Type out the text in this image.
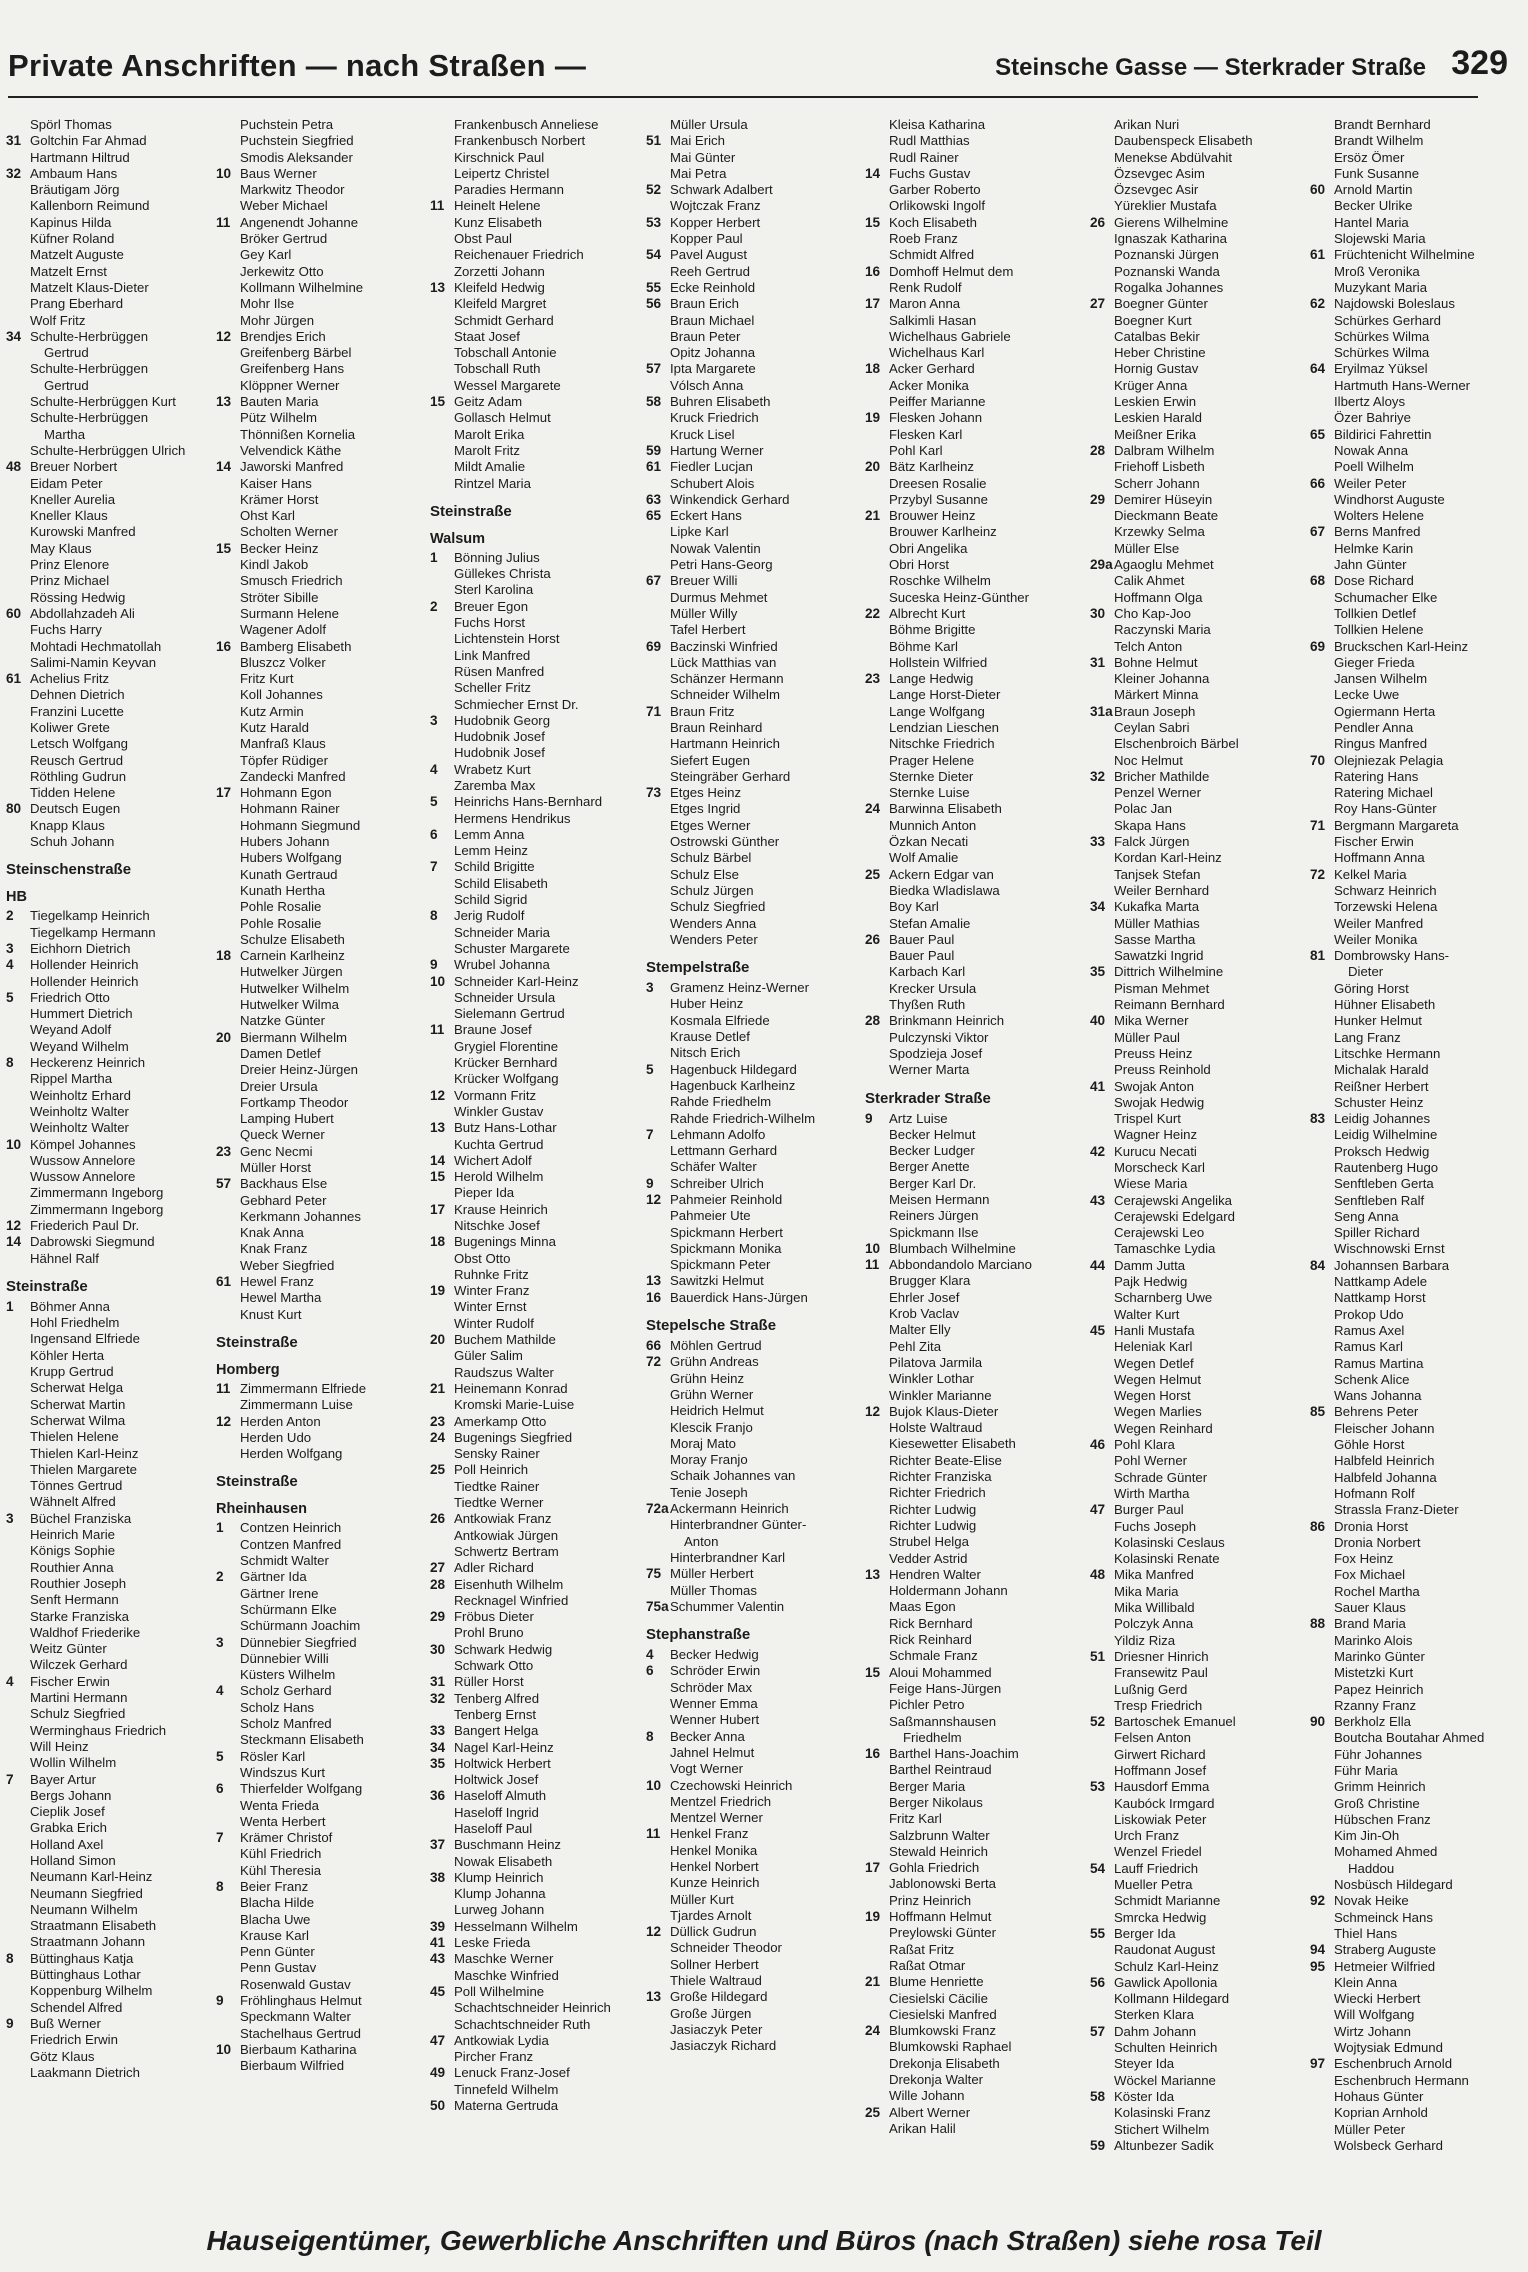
Private Anschriften — nach Straßen —	Steinsche Gasse — Sterkrader Straße 329
Spörl Thomas
31 Goltchin Far Ahmad
Hartmann Hiltrud
32 Ambaum Hans
Bräutigam Jörg
Kallenborn Reimund
Kapinus Hilda
Küfner Roland
Matzelt Auguste
Matzelt Ernst
Matzelt Klaus-Dieter
Prang Eberhard
Wolf Fritz
34 Schulte-Herbrüggen
Gertrud
Schulte-Herbrüggen
Gertrud
Schulte-Herbrüggen Kurt
Schulte-Herbrüggen
Martha
Schulte-Herbrüggen Ulrich
48 Breuer Norbert
Eidam Peter
Kneller Aurelia
Kneller Klaus
Kurowski Manfred
May Klaus
Prinz Elenore
Prinz Michael
Rössing Hedwig
60 Abdollahzadeh Ali
Fuchs Harry
Mohtadi Hechmatollah
Salimi-Namin Keyvan
61 Achelius Fritz
Dehnen Dietrich
Franzini Lucette
Koliwer Grete
Letsch Wolfgang
Reusch Gertrud
Röthling Gudrun
Tidden Helene
80 Deutsch Eugen
Knapp Klaus
Schuh Johann
Steinschenstraße
HB
2	Tiegelkamp Heinrich
Tiegelkamp Hermann
3	Eichhorn Dietrich
4	Hollender Heinrich
Hollender Heinrich
5	Friedrich Otto
Hummert Dietrich
Weyand Adolf
Weyand Wilhelm
8	Heckerenz Heinrich
Rippel Martha
Weinholtz Erhard
Weinholtz Walter
Weinholtz Walter
10 Kömpel Johannes
Wussow Annelore
Wussow Annelore
Zimmermann Ingeborg
Zimmermann Ingeborg
12 Friederich Paul Dr.
14 Dabrowski Siegmund
Hähnel Ralf
Steinstraße
1	Böhmer Anna
Hohl Friedhelm
Ingensand Elfriede
Köhler Herta
Krupp Gertrud
Scherwat Helga
Scherwat Martin
Scherwat Wilma
Thielen Helene
Thielen Karl-Heinz
Thielen Margarete
Tönnes Gertrud
Wähnelt Alfred
3	Büchel Franziska
Heinrich Marie
Königs Sophie
Routhier Anna
Routhier Joseph
Senft Hermann
Starke Franziska
Waldhof Friederike
Weitz Günter
Wilczek Gerhard
4	Fischer Erwin
Martini Hermann
Schulz Siegfried
Werminghaus Friedrich
Will Heinz
Wollin Wilhelm
7	Bayer Artur
Bergs Johann
Cieplik Josef
Grabka Erich
Holland Axel
Holland Simon
Neumann Karl-Heinz
Neumann Siegfried
Neumann Wilhelm
Straatmann Elisabeth
Straatmann Johann
8	Büttinghaus Katja
Büttinghaus Lothar
Koppenburg Wilhelm
Schendel Alfred
9	Buß Werner
Friedrich Erwin
Götz Klaus
Laakmann Dietrich
Puchstein Petra
Puchstein Siegfried
Smodis Aleksander
10 Baus Werner
Markwitz Theodor
Weber Michael
11 Angenendt Johanne
Bröker Gertrud
Gey Karl
Jerkewitz Otto
Kollmann Wilhelmine
Mohr Ilse
Mohr Jürgen
12 Brendjes Erich
Greifenberg Bärbel
Greifenberg Hans
Klöppner Werner
13 Bauten Maria
Pütz Wilhelm
Thönnißen Kornelia
Velvendick Käthe
14 Jaworski Manfred
Kaiser Hans
Krämer Horst
Ohst Karl
Scholten Werner
15 Becker Heinz
Kindl Jakob
Smusch Friedrich
Ströter Sibille
Surmann Helene
Wagener Adolf
16 Bamberg Elisabeth
Bluszcz Volker
Fritz Kurt
Koll Johannes
Kutz Armin
Kutz Harald
Manfraß Klaus
Töpfer Rüdiger
Zandecki Manfred
17 Hohmann Egon
Hohmann Rainer
Hohmann Siegmund
Hubers Johann
Hubers Wolfgang
Kunath Gertraud
Kunath Hertha
Pohle Rosalie
Pohle Rosalie
Schulze Elisabeth
18 Carnein Karlheinz
Hutwelker Jürgen
Hutwelker Wilhelm
Hutwelker Wilma
Natzke Günter
20 Biermann Wilhelm
Damen Detlef
Dreier Heinz-Jürgen
Dreier Ursula
Fortkamp Theodor
Lamping Hubert
Queck Werner
23 Genc Necmi
Müller Horst
57 Backhaus Else
Gebhard Peter
Kerkmann Johannes
Knak Anna
Knak Franz
Weber Siegfried
61 Hewel Franz
Hewel Martha
Knust Kurt
Steinstraße
Homberg
11 Zimmermann Elfriede
Zimmermann Luise
12 Herden Anton
Herden Udo
Herden Wolfgang
Steinstraße
Rheinhausen
1	Contzen Heinrich
Contzen Manfred
Schmidt Walter
2	Gärtner Ida
Gärtner Irene
Schürmann Elke
Schürmann Joachim
3	Dünnebier Siegfried
Dünnebier Willi
Küsters Wilhelm
4	Scholz Gerhard
Scholz Hans
Scholz Manfred
Steckmann Elisabeth
5	Rösler Karl
Windszus Kurt
6	Thierfelder Wolfgang
Wenta Frieda
Wenta Herbert
7	Krämer Christof
Kühl Friedrich
Kühl Theresia
8	Beier Franz
Blacha Hilde
Blacha Uwe
Krause Karl
Penn Günter
Penn Gustav
Rosenwald Gustav
9	Fröhlinghaus Helmut
Speckmann Walter
Stachelhaus Gertrud
10 Bierbaum Katharina
Bierbaum Wilfried
Frankenbusch Anneliese
Frankenbusch Norbert
Kirschnick Paul
Leipertz Christel
Paradies Hermann
11 Heinelt Helene
Kunz Elisabeth
Obst Paul
Reichenauer Friedrich
Zorzetti Johann
13 Kleifeld Hedwig
Kleifeld Margret
Schmidt Gerhard
Staat Josef
Tobschall Antonie
Tobschall Ruth
Wessel Margarete
15 Geitz Adam
Gollasch Helmut
Marolt Erika
Marolt Fritz
Mildt Amalie
Rintzel Maria
Steinstraße
Walsum
1	Bönning Julius
Güllekes Christa
Sterl Karolina
2	Breuer Egon
Fuchs Horst
Lichtenstein Horst
Link Manfred
Rüsen Manfred
Scheller Fritz
Schmiecher Ernst Dr.
3	Hudobnik Georg
Hudobnik Josef
Hudobnik Josef
4	Wrabetz Kurt
Zaremba Max
5	Heinrichs Hans-Bernhard
Hermens Hendrikus
6	Lemm Anna
Lemm Heinz
7	Schild Brigitte
Schild Elisabeth
Schild Sigrid
8	Jerig Rudolf
Schneider Maria
Schuster Margarete
9	Wrubel Johanna
10 Schneider Karl-Heinz
Schneider Ursula
Sielemann Gertrud
11 Braune Josef
Grygiel Florentine
Krücker Bernhard
Krücker Wolfgang
12 Vormann Fritz
Winkler Gustav
13 Butz Hans-Lothar
Kuchta Gertrud
14 Wichert Adolf
15 Herold Wilhelm
Pieper Ida
17 Krause Heinrich
Nitschke Josef
18 Bugenings Minna
Obst Otto
Ruhnke Fritz
19 Winter Franz
Winter Ernst
Winter Rudolf
20 Buchem Mathilde
Güler Salim
Raudszus Walter
21 Heinemann Konrad
Kromski Marie-Luise
23 Amerkamp Otto
24 Bugenings Siegfried
Sensky Rainer
25 Poll Heinrich
Tiedtke Rainer
Tiedtke Werner
26 Antkowiak Franz
Antkowiak Jürgen
Schwertz Bertram
27 Adler Richard
28 Eisenhuth Wilhelm
Recknagel Winfried
29 Fröbus Dieter
Prohl Bruno
30 Schwark Hedwig
Schwark Otto
31 Rüller Horst
32 Tenberg Alfred
Tenberg Ernst
33 Bangert Helga
34 Nagel Karl-Heinz
35 Holtwick Herbert
Holtwick Josef
36 Haseloff Almuth
Haseloff Ingrid
Haseloff Paul
37 Buschmann Heinz
Nowak Elisabeth
38 Klump Heinrich
Klump Johanna
Lurweg Johann
39 Hesselmann Wilhelm
41 Leske Frieda
43 Maschke Werner
Maschke Winfried
45 Poll Wilhelmine
Schachtschneider Heinrich
Schachtschneider Ruth
47 Antkowiak Lydia
Pircher Franz
49 Lenuck Franz-Josef
Tinnefeld Wilhelm
50 Materna Gertruda
Müller Ursula
51 Mai Erich
Mai Günter
Mai Petra
52 Schwark Adalbert
Wojtczak Franz
53 Kopper Herbert
Kopper Paul
54 Pavel August
Reeh Gertrud
55 Ecke Reinhold
56 Braun Erich
Braun Michael
Braun Peter
Opitz Johanna
57 Ipta Margarete
Vólsch Anna
58 Buhren Elisabeth
Kruck Friedrich
Kruck Lisel
59 Hartung Werner
61 Fiedler Lucjan
Schubert Alois
63 Winkendick Gerhard
65 Eckert Hans
Lipke Karl
Nowak Valentin
Petri Hans-Georg
67 Breuer Willi
Durmus Mehmet
Müller Willy
Tafel Herbert
69 Baczinski Winfried
Lück Matthias van
Schänzer Hermann
Schneider Wilhelm
71 Braun Fritz
Braun Reinhard
Hartmann Heinrich
Siefert Eugen
Steingräber Gerhard
73 Etges Heinz
Etges Ingrid
Etges Werner
Ostrowski Günther
Schulz Bärbel
Schulz Else
Schulz Jürgen
Schulz Siegfried
Wenders Anna
Wenders Peter
Stempelstraße
3	Gramenz Heinz-Werner
Huber Heinz
Kosmala Elfriede
Krause Detlef
Nitsch Erich
5	Hagenbuck Hildegard
Hagenbuck Karlheinz
Rahde Friedhelm
Rahde Friedrich-Wilhelm
7	Lehmann Adolfo
Lettmann Gerhard
Schäfer Walter
9	Schreiber Ulrich
12 Pahmeier Reinhold
Pahmeier Ute
Spickmann Herbert
Spickmann Monika
Spickmann Peter
13 Sawitzki Helmut
16 Bauerdick Hans-Jürgen
Stepelsche Straße
66 Möhlen Gertrud
72 Grühn Andreas
Grühn Heinz
Grühn Werner
Heidrich Helmut
Klescik Franjo
Moraj Mato
Moray Franjo
Schaik Johannes van
Tenie Joseph
72a Ackermann Heinrich
Hinterbrandner Günter-
Anton
Hinterbrandner Karl
75 Müller Herbert
Müller Thomas
75a Schummer Valentin
Stephanstraße
4	Becker Hedwig
6	Schröder Erwin
Schröder Max
Wenner Emma
Wenner Hubert
8	Becker Anna
Jahnel Helmut
Vogt Werner
10 Czechowski Heinrich
Mentzel Friedrich
Mentzel Werner
11 Henkel Franz
Henkel Monika
Henkel Norbert
Kunze Heinrich
Müller Kurt
Tjardes Arnolt
12 Düllick Gudrun
Schneider Theodor
Sollner Herbert
Thiele Waltraud
13 Große Hildegard
Große Jürgen
Jasiaczyk Peter
Jasiaczyk Richard
Kleisa Katharina
Rudl Matthias
Rudl Rainer
14 Fuchs Gustav
Garber Roberto
Orlikowski Ingolf
15 Koch Elisabeth
Roeb Franz
Schmidt Alfred
16 Domhoff Helmut dem
Renk Rudolf
17 Maron Anna
Salkimli Hasan
Wichelhaus Gabriele
Wichelhaus Karl
18 Acker Gerhard
Acker Monika
Peiffer Marianne
19 Flesken Johann
Flesken Karl
Pohl Karl
20 Bätz Karlheinz
Dreesen Rosalie
Przybyl Susanne
21 Brouwer Heinz
Brouwer Karlheinz
Obri Angelika
Obri Horst
Roschke Wilhelm
Suceska Heinz-Günther
22 Albrecht Kurt
Böhme Brigitte
Böhme Karl
Hollstein Wilfried
23 Lange Hedwig
Lange Horst-Dieter
Lange Wolfgang
Lendzian Lieschen
Nitschke Friedrich
Prager Helene
Sternke Dieter
Sternke Luise
24 Barwinna Elisabeth
Munnich Anton
Özkan Necati
Wolf Amalie
25 Ackern Edgar van
Biedka Wladislawa
Boy Karl
Stefan Amalie
26 Bauer Paul
Bauer Paul
Karbach Karl
Krecker Ursula
Thyßen Ruth
28 Brinkmann Heinrich
Pulczynski Viktor
Spodzieja Josef
Werner Marta
Sterkrader Straße
9	Artz Luise
Becker Helmut
Becker Ludger
Berger Anette
Berger Karl Dr.
Meisen Hermann
Reiners Jürgen
Spickmann Ilse
10 Blumbach Wilhelmine
11 Abbondandolo Marciano
Brugger Klara
Ehrler Josef
Krob Vaclav
Malter Elly
Pehl Zita
Pilatova Jarmila
Winkler Lothar
Winkler Marianne
12 Bujok Klaus-Dieter
Holste Waltraud
Kiesewetter Elisabeth
Richter Beate-Elise
Richter Franziska
Richter Friedrich
Richter Ludwig
Richter Ludwig
Strubel Helga
Vedder Astrid
13 Hendren Walter
Holdermann Johann
Maas Egon
Rick Bernhard
Rick Reinhard
Schmale Franz
15 Aloui Mohammed
Feige Hans-Jürgen
Pichler Petro
Saßmannshausen
Friedhelm
16 Barthel Hans-Joachim
Barthel Reintraud
Berger Maria
Berger Nikolaus
Fritz Karl
Salzbrunn Walter
Stewald Heinrich
17 Gohla Friedrich
Jablonowski Berta
Prinz Heinrich
19 Hoffmann Helmut
Preylowski Günter
Raßat Fritz
Raßat Otmar
21 Blume Henriette
Ciesielski Cäcilie
Ciesielski Manfred
24 Blumkowski Franz
Blumkowski Raphael
Drekonja Elisabeth
Drekonja Walter
Wille Johann
25 Albert Werner
Arikan Halil
Arikan Nuri
Daubenspeck Elisabeth
Menekse Abdülvahit
Özsevgec Asim
Özsevgec Asir
Yüreklier Mustafa
26 Gierens Wilhelmine
Ignaszak Katharina
Poznanski Jürgen
Poznanski Wanda
Rogalka Johannes
27 Boegner Günter
Boegner Kurt
Catalbas Bekir
Heber Christine
Hornig Gustav
Krüger Anna
Leskien Erwin
Leskien Harald
Meißner Erika
28 Dalbram Wilhelm
Friehoff Lisbeth
Scherr Johann
29 Demirer Hüseyin
Dieckmann Beate
Krzewky Selma
Müller Else
29a Agaoglu Mehmet
Calik Ahmet
Hoffmann Olga
30 Cho Kap-Joo
Raczynski Maria
Telch Anton
31 Bohne Helmut
Kleiner Johanna
Märkert Minna
31a Braun Joseph
Ceylan Sabri
Elschenbroich Bärbel
Noc Helmut
32 Bricher Mathilde
Penzel Werner
Polac Jan
Skapa Hans
33 Falck Jürgen
Kordan Karl-Heinz
Tanjsek Stefan
Weiler Bernhard
34 Kukafka Marta
Müller Mathias
Sasse Martha
Sawatzki Ingrid
35 Dittrich Wilhelmine
Pisman Mehmet
Reimann Bernhard
40 Mika Werner
Müller Paul
Preuss Heinz
Preuss Reinhold
41 Swojak Anton
Swojak Hedwig
Trispel Kurt
Wagner Heinz
42 Kurucu Necati
Morscheck Karl
Wiese Maria
43 Cerajewski Angelika
Cerajewski Edelgard
Cerajewski Leo
Tamaschke Lydia
44 Damm Jutta
Pajk Hedwig
Scharnberg Uwe
Walter Kurt
45 Hanli Mustafa
Heleniak Karl
Wegen Detlef
Wegen Helmut
Wegen Horst
Wegen Marlies
Wegen Reinhard
46 Pohl Klara
Pohl Werner
Schrade Günter
Wirth Martha
47 Burger Paul
Fuchs Joseph
Kolasinski Ceslaus
Kolasinski Renate
48 Mika Manfred
Mika Maria
Mika Willibald
Polczyk Anna
Yildiz Riza
51 Driesner Hinrich
Fransewitz Paul
Lußnig Gerd
Tresp Friedrich
52 Bartoschek Emanuel
Felsen Anton
Girwert Richard
Hoffmann Josef
53 Hausdorf Emma
Kaubóck Irmgard
Liskowiak Peter
Urch Franz
Wenzel Friedel
54 Lauff Friedrich
Mueller Petra
Schmidt Marianne
Smrcka Hedwig
55 Berger Ida
Raudonat August
Schulz Karl-Heinz
56 Gawlick Apollonia
Kollmann Hildegard
Sterken Klara
57 Dahm Johann
Schulten Heinrich
Steyer Ida
Wöckel Marianne
58 Köster Ida
Kolasinski Franz
Stichert Wilhelm
59 Altunbezer Sadik
Brandt Bernhard
Brandt Wilhelm
Ersöz Ömer
Funk Susanne
60 Arnold Martin
Becker Ulrike
Hantel Maria
Slojewski Maria
61 Früchtenicht Wilhelmine
Mroß Veronika
Muzykant Maria
62 Najdowski Boleslaus
Schürkes Gerhard
Schürkes Wilma
Schürkes Wilma
64 Eryilmaz Yüksel
Hartmuth Hans-Werner
Ilbertz Aloys
Özer Bahriye
65 Bildirici Fahrettin
Nowak Anna
Poell Wilhelm
66 Weiler Peter
Windhorst Auguste
Wolters Helene
67 Berns Manfred
Helmke Karin
Jahn Günter
68 Dose Richard
Schumacher Elke
Tollkien Detlef
Tollkien Helene
69 Bruckschen Karl-Heinz
Gieger Frieda
Jansen Wilhelm
Lecke Uwe
Ogiermann Herta
Pendler Anna
Ringus Manfred
70 Olejniezak Pelagia
Ratering Hans
Ratering Michael
Roy Hans-Günter
71 Bergmann Margareta
Fischer Erwin
Hoffmann Anna
72 Kelkel Maria
Schwarz Heinrich
Torzewski Helena
Weiler Manfred
Weiler Monika
81 Dombrowsky Hans-
Dieter
Göring Horst
Hühner Elisabeth
Hunker Helmut
Lang Franz
Litschke Hermann
Michalak Harald
Reißner Herbert
Schuster Heinz
83 Leidig Johannes
Leidig Wilhelmine
Proksch Hedwig
Rautenberg Hugo
Senftleben Gerta
Senftleben Ralf
Seng Anna
Spiller Richard
Wischnowski Ernst
84 Johannsen Barbara
Nattkamp Adele
Nattkamp Horst
Prokop Udo
Ramus Axel
Ramus Karl
Ramus Martina
Schenk Alice
Wans Johanna
85 Behrens Peter
Fleischer Johann
Göhle Horst
Halbfeld Heinrich
Halbfeld Johanna
Hofmann Rolf
Strassla Franz-Dieter
86 Dronia Horst
Dronia Norbert
Fox Heinz
Fox Michael
Rochel Martha
Sauer Klaus
88 Brand Maria
Marinko Alois
Marinko Günter
Mistetzki Kurt
Papez Heinrich
Rzanny Franz
90 Berkholz Ella
Boutcha Boutahar Ahmed
Führ Johannes
Führ Maria
Grimm Heinrich
Groß Christine
Hübschen Franz
Kim Jin-Oh
Mohamed Ahmed
Haddou
Nosbüsch Hildegard
92 Novak Heike
Schmeinck Hans
Thiel Hans
94 Straberg Auguste
95 Hetmeier Wilfried
Klein Anna
Wiecki Herbert
Will Wolfgang
Wirtz Johann
Wojtysiak Edmund
97 Eschenbruch Arnold
Eschenbruch Hermann
Hohaus Günter
Koprian Arnhold
Müller Peter
Wolsbeck Gerhard
Hauseigentümer, Gewerbliche Anschriften und Büros (nach Straßen) siehe rosa Teil
